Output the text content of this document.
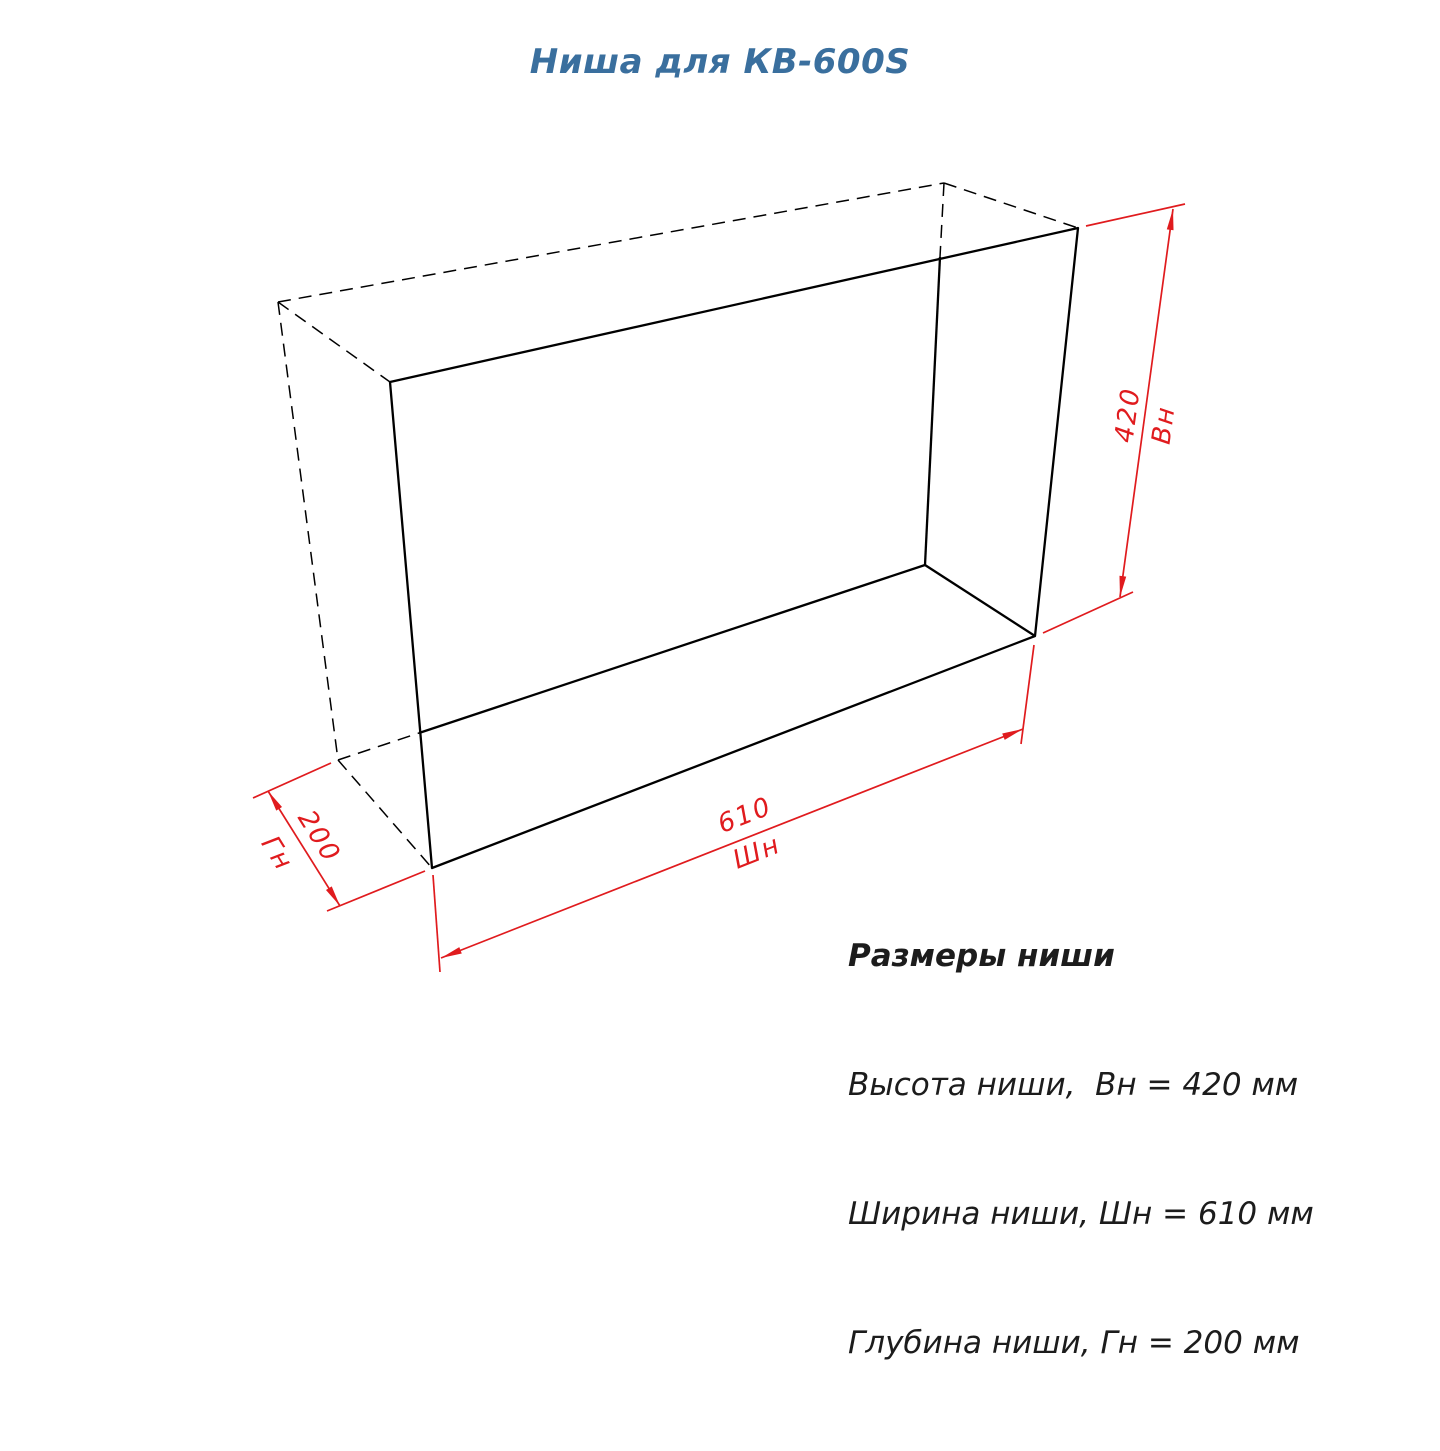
Ниша для КВ-600S
420 Вн
610
Шн
200
Гн

Размеры ниши

Высота ниши,  Вн = 420 мм

Ширина ниши, Шн = 610 мм

Глубина ниши, Гн = 200 мм
